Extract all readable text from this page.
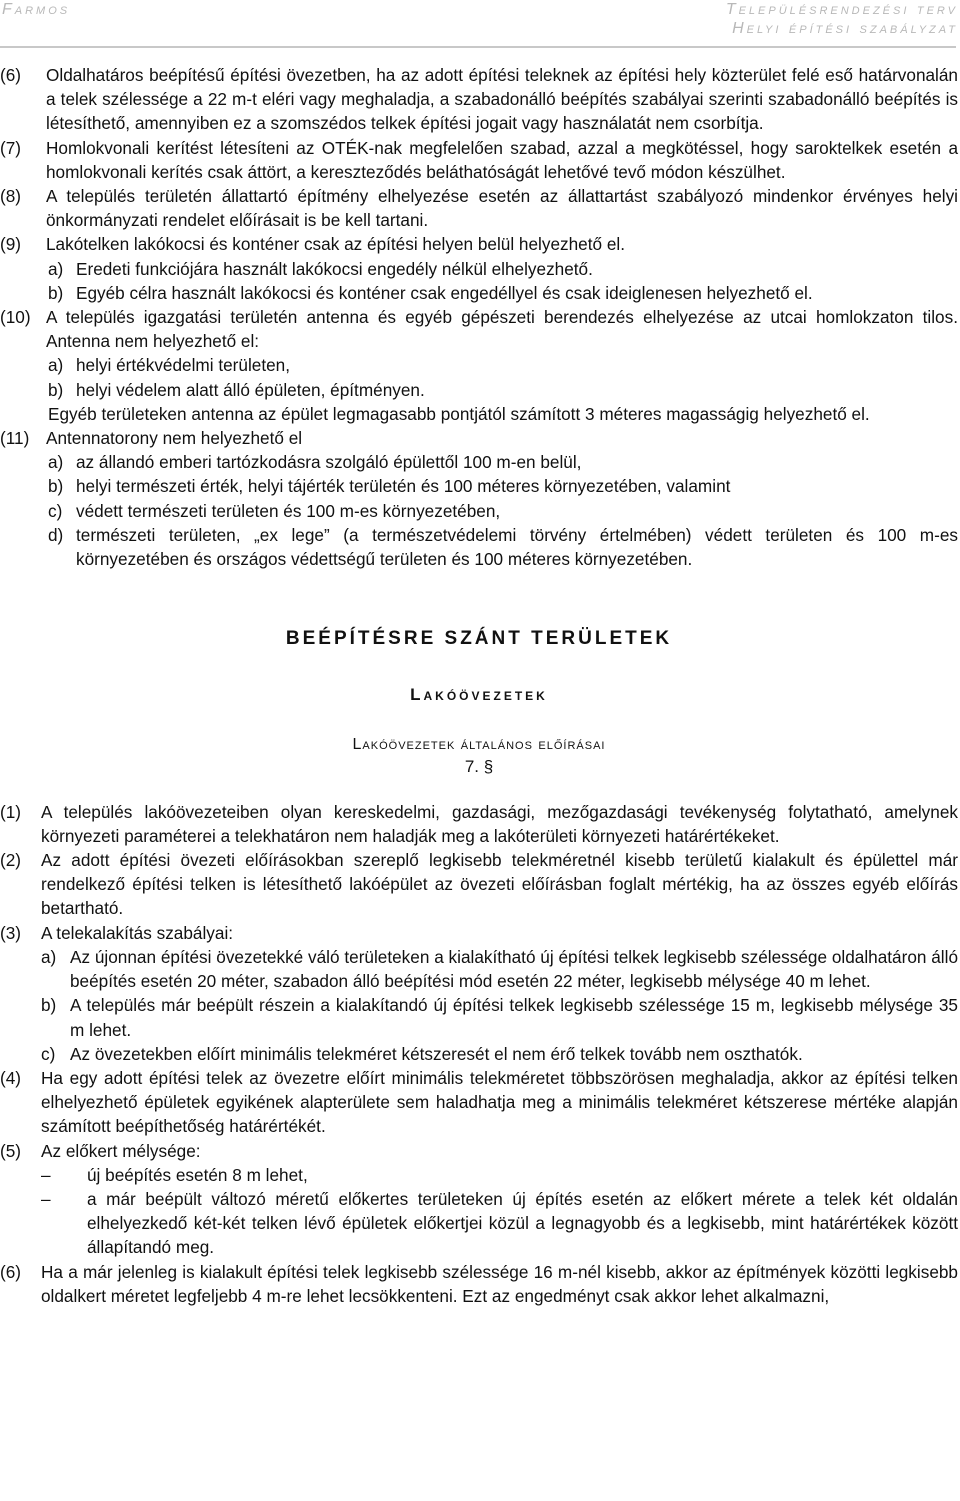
Farmos	Településrendezési terv
Helyi építési szabályzat
(6)	Oldalhatáros beépítésű építési övezetben, ha az adott építési teleknek az építési hely közterület felé eső határvonalán a telek szélessége a 22 m-t eléri vagy meghaladja, a szabadonálló beépítés szabályai szerinti szabadonálló beépítés is létesíthető, amennyiben ez a szomszédos telkek építési jogait vagy használatát nem csorbítja.
(7)	Homlokvonali kerítést létesíteni az OTÉK-nak megfelelően szabad, azzal a megkötéssel, hogy saroktelkek esetén a homlokvonali kerítés csak áttört, a kereszteződés beláthatóságát lehetővé tevő módon készülhet.
(8)	A település területén állattartó építmény elhelyezése esetén az állattartást szabályozó mindenkor érvényes helyi önkormányzati rendelet előírásait is be kell tartani.
(9)	Lakótelken lakókocsi és konténer csak az építési helyen belül helyezhető el.
a) Eredeti funkciójára használt lakókocsi engedély nélkül elhelyezhető.
b) Egyéb célra használt lakókocsi és konténer csak engedéllyel és csak ideiglenesen helyezhető el.
(10) A település igazgatási területén antenna és egyéb gépészeti berendezés elhelyezése az utcai homlokzaton tilos. Antenna nem helyezhető el:
a) helyi értékvédelmi területen,
b) helyi védelem alatt álló épületen, építményen.

Egyéb területeken antenna az épület legmagasabb pontjától számított 3 méteres magasságig helyezhető el.

(11) Antennatorony nem helyezhető el
a) az állandó emberi tartózkodásra szolgáló épülettől 100 m-en belül,
b) helyi természeti érték, helyi tájérték területén és 100 méteres környezetében, valamint
c) védett természeti területen és 100 m-es környezetében,
d) természeti területen, „ex lege” (a természetvédelemi törvény értelmében) védett területen és 100 m-es környezetében és országos védettségű területen és 100 méteres környezetében.
BEÉPÍTÉSRE SZÁNT TERÜLETEK
Lakóövezetek
Lakóövezetek általános előírásai
7. §
(1)	A település lakóövezeteiben olyan kereskedelmi, gazdasági, mezőgazdasági tevékenység folytatható, amelynek környezeti paraméterei a telekhatáron nem haladják meg a lakóterületi környezeti határértékeket.
(2)	Az adott építési övezeti előírásokban szereplő legkisebb telekméretnél kisebb területű kialakult és épülettel már rendelkező építési telken is létesíthető lakóépület az övezeti előírásban foglalt mértékig, ha az összes egyéb előírás betartható.
(3)	A telekalakítás szabályai:
a) Az újonnan építési övezetekké váló területeken a kialakítható új építési telkek legkisebb szélessége oldalhatáron álló beépítés esetén 20 méter, szabadon álló beépítési mód esetén 22 méter, legkisebb mélysége 40 m lehet.
b) A település már beépült részein a kialakítandó új építési telkek legkisebb szélessége 15 m, legkisebb mélysége 35 m lehet.
c) Az övezetekben előírt minimális telekméret kétszeresét el nem érő telkek tovább nem oszthatók.
(4)	Ha egy adott építési telek az övezetre előírt minimális telekméretet többszörösen meghaladja, akkor az építési telken elhelyezhető épületek egyikének alapterülete sem haladhatja meg a minimális telekméret kétszerese mértéke alapján számított beépíthetőség határértékét.
(5)	Az előkert mélysége:
–	új beépítés esetén 8 m lehet,
–	a már beépült változó méretű előkertes területeken új építés esetén az előkert mérete a telek két oldalán elhelyezkedő két-két telken lévő épületek előkertjei közül a legnagyobb és a legkisebb, mint határértékek között állapítandó meg.
(6)	Ha a már jelenleg is kialakult építési telek legkisebb szélessége 16 m-nél kisebb, akkor az építmények közötti legkisebb oldalkert méretet legfeljebb 4 m-re lehet lecsökkenteni. Ezt az engedményt csak akkor lehet alkalmazni,
